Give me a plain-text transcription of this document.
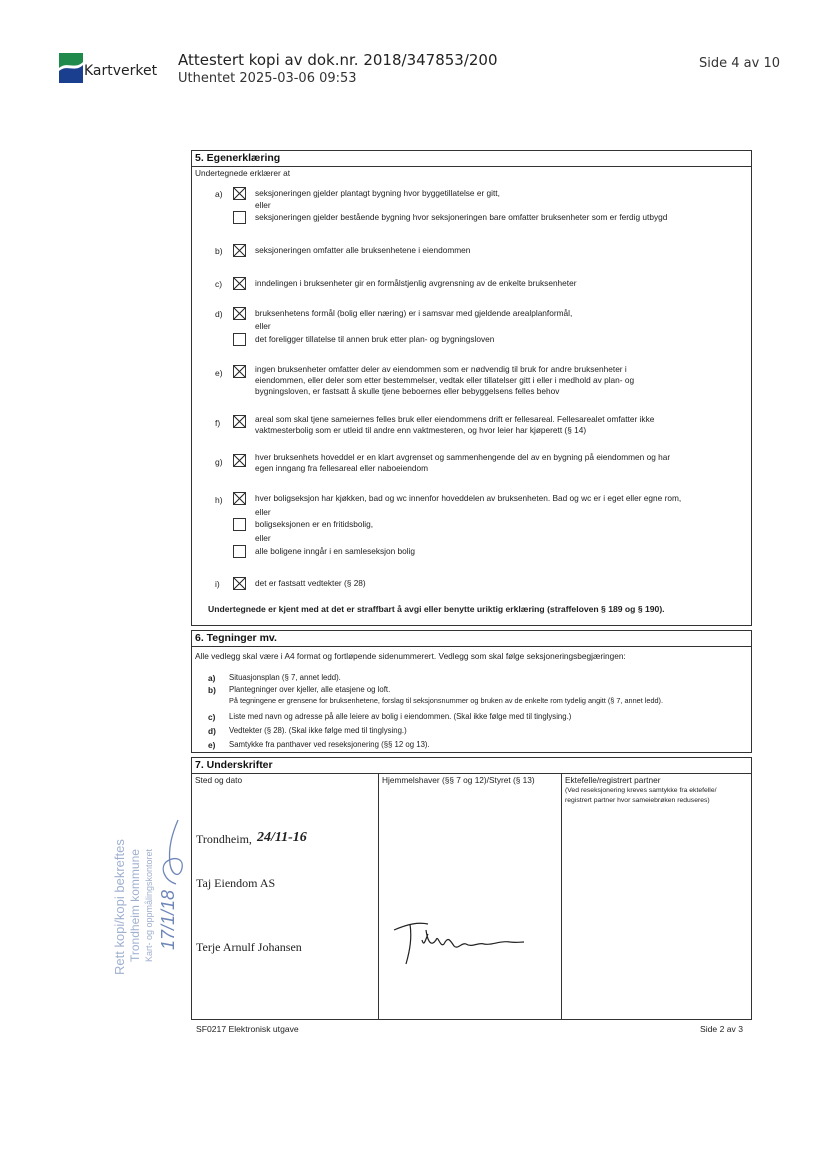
Kartverket
Attestert kopi av dok.nr. 2018/347853/200
Uthentet 2025-03-06 09:53
Side 4 av 10
5. Egenerklæring
Undertegnede erklærer at
a)	seksjoneringen gjelder plantagt bygning hvor byggetillatelse er gitt,
eller
seksjoneringen gjelder bestående bygning hvor seksjoneringen bare omfatter bruksenheter som er ferdig utbygd
b)	seksjoneringen omfatter alle bruksenhetene i eiendommen
c)	inndelingen i bruksenheter gir en formålstjenlig avgrensning av de enkelte bruksenheter
d)	bruksenhetens formål (bolig eller næring) er i samsvar med gjeldende arealplanformål,
eller
det foreligger tillatelse til annen bruk etter plan- og bygningsloven
e)	ingen bruksenheter omfatter deler av eiendommen som er nødvendig til bruk for andre bruksenheter i
eiendommen, eller deler som etter bestemmelser, vedtak eller tillatelser gitt i eller i medhold av plan- og
bygningsloven, er fastsatt å skulle tjene beboernes eller bebyggelsens felles behov
f)	areal som skal tjene sameiernes felles bruk eller eiendommens drift er fellesareal. Fellesarealet omfatter ikke
vaktmesterbolig som er utleid til andre enn vaktmesteren, og hvor leier har kjøperett (§ 14)
g)	hver bruksenhets hoveddel er en klart avgrenset og sammenhengende del av en bygning på eiendommen og har
egen inngang fra fellesareal eller naboeiendom
h)	hver boligseksjon har kjøkken, bad og wc innenfor hoveddelen av bruksenheten. Bad og wc er i eget eller egne rom,
eller
boligseksjonen er en fritidsbolig,
eller
alle boligene inngår i en samleseksjon bolig
i)	det er fastsatt vedtekter (§ 28)
Undertegnede er kjent med at det er straffbart å avgi eller benytte uriktig erklæring (straffeloven § 189 og § 190).
6. Tegninger mv.
Alle vedlegg skal være i A4 format og fortløpende sidenummerert. Vedlegg som skal følge seksjoneringsbegjæringen:
a) Situasjonsplan (§ 7, annet ledd).
b) Plantegninger over kjeller, alle etasjene og loft.
På tegningene er grensene for bruksenhetene, forslag til seksjonsnummer og bruken av de enkelte rom tydelig angitt (§ 7, annet ledd).
c) Liste med navn og adresse på alle leiere av bolig i eiendommen. (Skal ikke følge med til tinglysing.)
d) Vedtekter (§ 28). (Skal ikke følge med til tinglysing.)
e) Samtykke fra panthaver ved reseksjonering (§§ 12 og 13).
7. Underskrifter
Sted og dato	Hjemmelshaver (§§ 7 og 12)/Styret (§ 13)	Ektefelle/registrert partner
(Ved reseksjonering kreves samtykke fra ektefelle/
registrert partner hvor sameiebrøken reduseres)
Trondheim, 24/11-16
Taj Eiendom AS
Terje Arnulf Johansen
SF0217 Elektronisk utgave	Side 2 av 3
Rett kopi/kopi bekreftes Trondheim kommune Kart- og oppmålingskontoret 17/1/18
